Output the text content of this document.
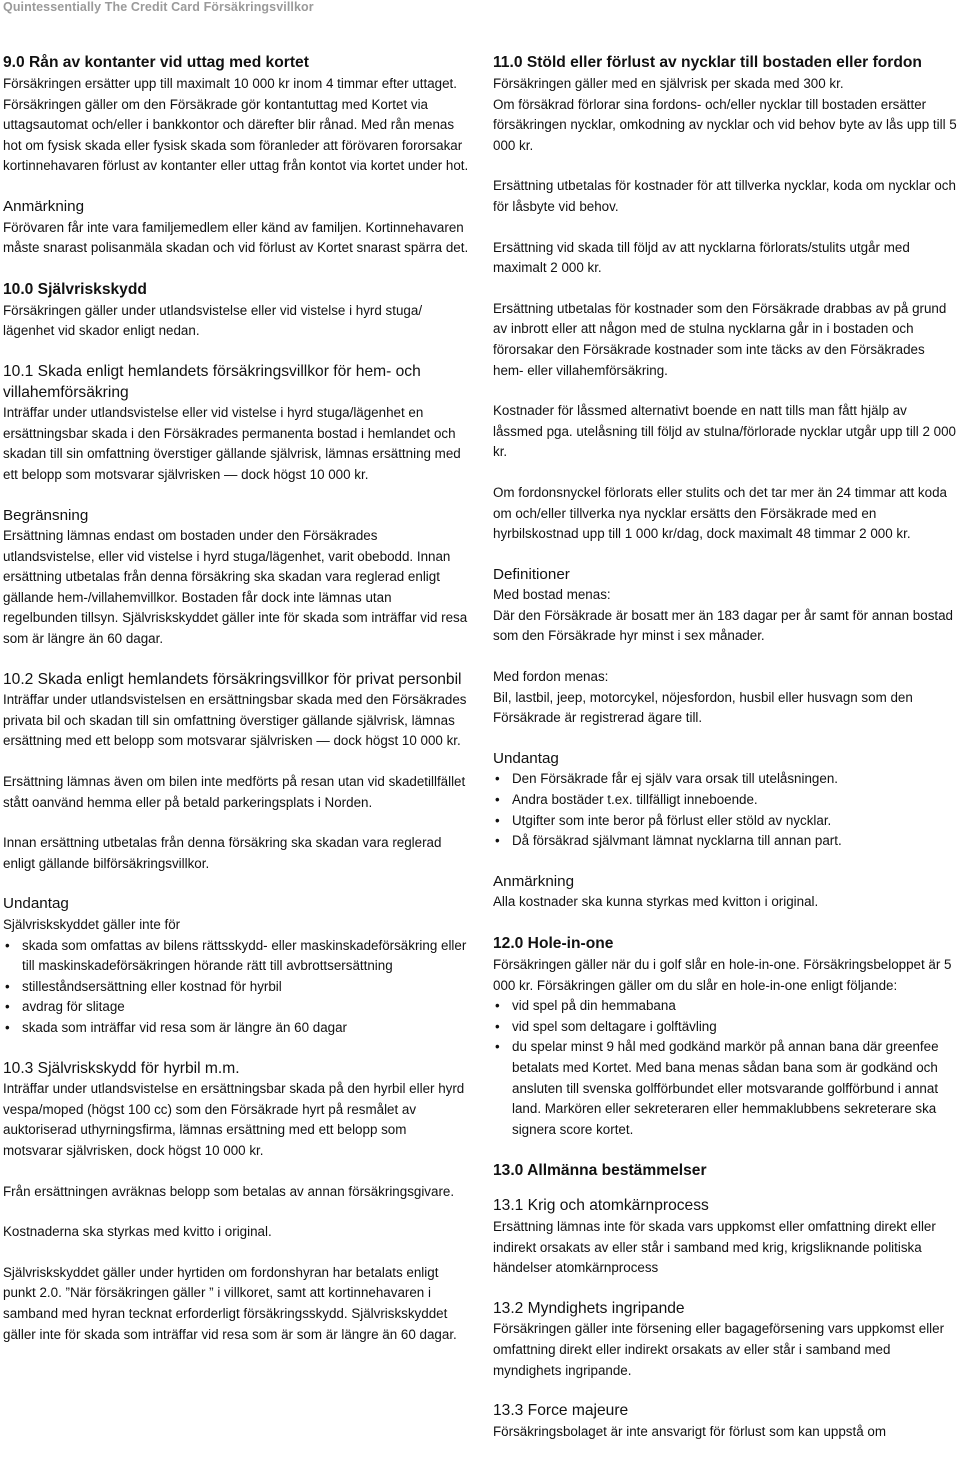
Quintessentially The Credit Card Försäkringsvillkor
9.0 Rån av kontanter vid uttag med kortet

Försäkringen ersätter upp till maximalt 10 000 kr inom 4 timmar efter uttaget. Försäkringen gäller om den Försäkrade gör kontantuttag med Kortet via uttagsautomat och/eller i bankkontor och därefter blir rånad. Med rån menas hot om fysisk skada eller fysisk skada som föranleder att förövaren fororsakar kortinnehavaren förlust av kontanter eller uttag från kontot via kortet under hot.

Anmärkning

Förövaren får inte vara familjemedlem eller känd av familjen. Kortinnehavaren måste snarast polisanmäla skadan och vid förlust av Kortet snarast spärra det.

10.0 Självriskskydd

Försäkringen gäller under utlandsvistelse eller vid vistelse i hyrd stuga/ lägenhet vid skador enligt nedan.

10.1 Skada enligt hemlandets försäkringsvillkor för hem- och villahemförsäkring

Inträffar under utlandsvistelse eller vid vistelse i hyrd stuga/lägenhet en ersättningsbar skada i den Försäkrades permanenta bostad i hemlandet och skadan till sin omfattning överstiger gällande självrisk, lämnas ersättning med ett belopp som motsvarar självrisken — dock högst 10 000 kr.

Begränsning

Ersättning lämnas endast om bostaden under den Försäkrades utlandsvistelse, eller vid vistelse i hyrd stuga/lägenhet, varit obebodd. Innan ersättning utbetalas från denna försäkring ska skadan vara reglerad enligt gällande hem-/villahemvillkor. Bostaden får dock inte lämnas utan regelbunden tillsyn. Självriskskyddet gäller inte för skada som inträffar vid resa som är längre än 60 dagar.

10.2 Skada enligt hemlandets försäkringsvillkor för privat personbil

Inträffar under utlandsvistelsen en ersättningsbar skada med den Försäkrades privata bil och skadan till sin omfattning överstiger gällande självrisk, lämnas ersättning med ett belopp som motsvarar självrisken — dock högst 10 000 kr.

Ersättning lämnas även om bilen inte medförts på resan utan vid skadetillfället stått oanvänd hemma eller på betald parkeringsplats i Norden.

Innan ersättning utbetalas från denna försäkring ska skadan vara reglerad enligt gällande bilförsäkringsvillkor.

Undantag

Självriskskyddet gäller inte för

• skada som omfattas av bilens rättsskydd- eller maskinskadeförsäkring eller till maskinskadeförsäkringen hörande rätt till avbrottsersättning
• stilleståndsersättning eller kostnad för hyrbil
• avdrag för slitage
• skada som inträffar vid resa som är längre än 60 dagar
10.3 Självriskskydd för hyrbil m.m.

Inträffar under utlandsvistelse en ersättningsbar skada på den hyrbil eller hyrd vespa/moped (högst 100 cc) som den Försäkrade hyrt på resmålet av auktoriserad uthyrningsfirma, lämnas ersättning med ett belopp som motsvarar självrisken, dock högst 10 000 kr.

Från ersättningen avräknas belopp som betalas av annan försäkringsgivare.

Kostnaderna ska styrkas med kvitto i original.

Självriskskyddet gäller under hyrtiden om fordonshyran har betalats enligt punkt 2.0. ”När försäkringen gäller ” i villkoret, samt att kortinnehavaren i samband med hyran tecknat erforderligt försäkringsskydd. Självriskskyddet gäller inte för skada som inträffar vid resa som är som är längre än 60 dagar.

11.0 Stöld eller förlust av nycklar till bostaden eller fordon

Försäkringen gäller med en självrisk per skada med 300 kr.

Om försäkrad förlorar sina fordons- och/eller nycklar till bostaden ersätter försäkringen nycklar, omkodning av nycklar och vid behov byte av lås upp till 5 000 kr.

Ersättning utbetalas för kostnader för att tillverka nycklar, koda om nycklar och för låsbyte vid behov.

Ersättning vid skada till följd av att nycklarna förlorats/stulits utgår med maximalt 2 000 kr.

Ersättning utbetalas för kostnader som den Försäkrade drabbas av på grund av inbrott eller att någon med de stulna nycklarna går in i bostaden och förorsakar den Försäkrade kostnader som inte täcks av den Försäkrades hem- eller villahemförsäkring.

Kostnader för låssmed alternativt boende en natt tills man fått hjälp av låssmed pga. utelåsning till följd av stulna/förlorade nycklar utgår upp till 2 000 kr.

Om fordonsnyckel förlorats eller stulits och det tar mer än 24 timmar att koda om och/eller tillverka nya nycklar ersätts den Försäkrade med en hyrbilskostnad upp till 1 000 kr/dag, dock maximalt 48 timmar 2 000 kr.

Definitioner

Med bostad menas:

Där den Försäkrade är bosatt mer än 183 dagar per år samt för annan bostad som den Försäkrade hyr minst i sex månader.

Med fordon menas:

Bil, lastbil, jeep, motorcykel, nöjesfordon, husbil eller husvagn som den Försäkrade är registrerad ägare till.

Undantag
• Den Försäkrade får ej själv vara orsak till utelåsningen.
• Andra bostäder t.ex. tillfälligt inneboende.
• Utgifter som inte beror på förlust eller stöld av nycklar.
• Då försäkrad självmant lämnat nycklarna till annan part.
Anmärkning

Alla kostnader ska kunna styrkas med kvitton i original.

12.0 Hole-in-one

Försäkringen gäller när du i golf slår en hole-in-one. Försäkringsbeloppet är 5 000 kr. Försäkringen gäller om du slår en hole-in-one enligt följande:

• vid spel på din hemmabana
• vid spel som deltagare i golftävling
• du spelar minst 9 hål med godkänd markör på annan bana där greenfee betalats med Kortet. Med bana menas sådan bana som är godkänd och ansluten till svenska golfförbundet eller motsvarande golfförbund i annat land. Markören eller sekreteraren eller hemmaklubbens sekreterare ska signera score kortet.
13.0 Allmänna bestämmelser
13.1 Krig och atomkärnprocess

Ersättning lämnas inte för skada vars uppkomst eller omfattning direkt eller indirekt orsakats av eller står i samband med krig, krigsliknande politiska händelser atomkärnprocess

13.2 Myndighets ingripande

Försäkringen gäller inte försening eller bagageförsening vars uppkomst eller omfattning direkt eller indirekt orsakats av eller står i samband med myndighets ingripande.

13.3 Force majeure

Försäkringsbolaget är inte ansvarigt för förlust som kan uppstå om
